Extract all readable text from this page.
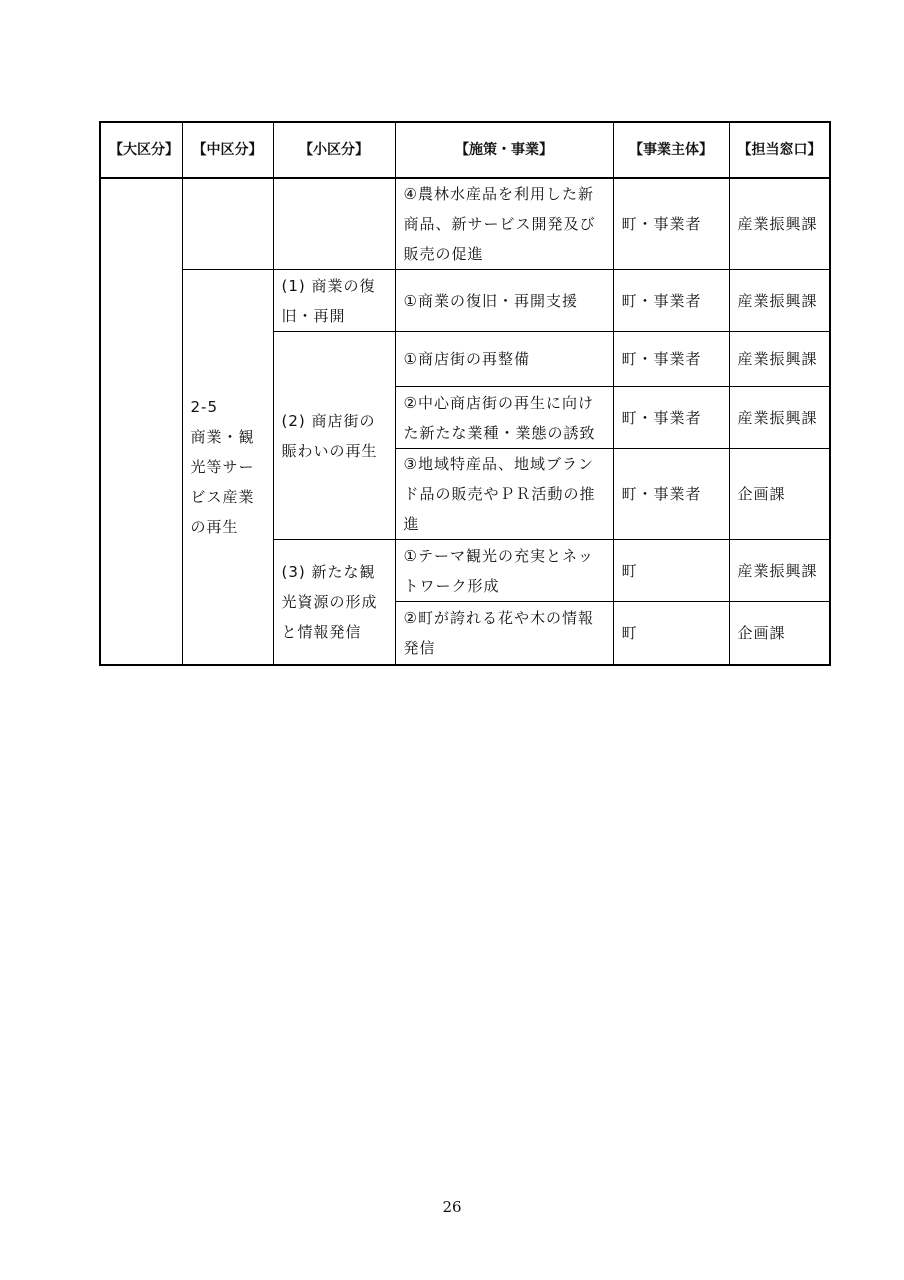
【大区分】	【中区分】	【小区分】	【施策・事業】	【事業主体】	【担当窓口】
			④農林水産品を利用した新商品、新サービス開発及び販売の促進	町・事業者	産業振興課
	2-5　　商業・観光等サービス産業の再生	(1) 商業の復旧・再開	①商業の復旧・再開支援	町・事業者	産業振興課
		(2) 商店街の賑わいの再生	①商店街の再整備	町・事業者	産業振興課
			②中心商店街の再生に向けた新たな業種・業態の誘致	町・事業者	産業振興課
			③地域特産品、地域ブランド品の販売やＰＲ活動の推進	町・事業者	企画課
		(3) 新たな観光資源の形成と情報発信	①テーマ観光の充実とネットワーク形成	町	産業振興課
			②町が誇れる花や木の情報発信	町	企画課
26
